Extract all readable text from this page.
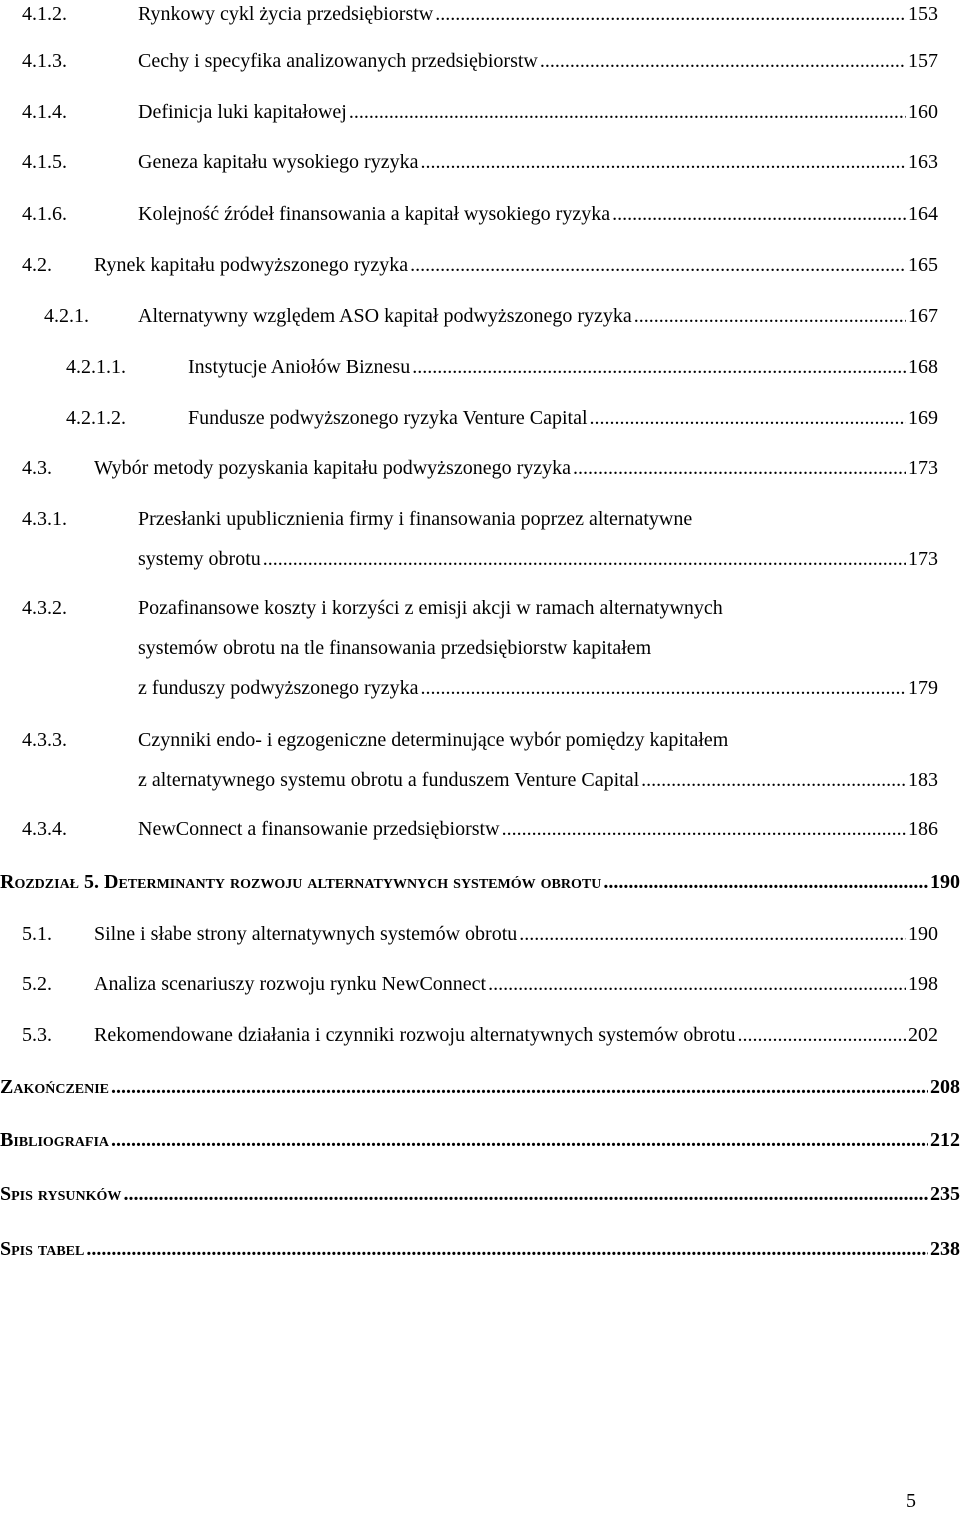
4.1.2.	Rynkowy cykl życia przedsiębiorstw .....	153
4.1.3.	Cechy i specyfika analizowanych przedsiębiorstw .....	157
4.1.4.	Definicja luki kapitałowej .....	160
4.1.5.	Geneza kapitału wysokiego ryzyka .....	163
4.1.6.	Kolejność źródeł finansowania a kapitał wysokiego ryzyka .....	164
4.2. Rynek kapitału podwyższonego ryzyka .....	165
4.2.1. Alternatywny względem ASO kapitał podwyższonego ryzyka .....	167
4.2.1.1.	Instytucje Aniołów Biznesu .....	168
4.2.1.2.	Fundusze podwyższonego ryzyka Venture Capital .....	169
4.3. Wybór metody pozyskania kapitału podwyższonego ryzyka .....	173
4.3.1.	Przesłanki upublicznienia firmy i finansowania poprzez alternatywne
systemy obrotu .....	173
4.3.2.	Pozafinansowe koszty i korzyści z emisji akcji w ramach alternatywnych
systemów obrotu na tle finansowania przedsiębiorstw kapitałem
z funduszy podwyższonego ryzyka .....	179
4.3.3.	Czynniki endo- i egzogeniczne determinujące wybór pomiędzy kapitałem
z alternatywnego systemu obrotu a funduszem Venture Capital .....	183
4.3.4.	NewConnect a finansowanie przedsiębiorstw .....	186
Rozdział 5. Determinanty rozwoju alternatywnych systemów obrotu .....	190
5.1. Silne i słabe strony alternatywnych systemów obrotu .....	190
5.2. Analiza scenariuszy rozwoju rynku NewConnect .....	198
5.3. Rekomendowane działania i czynniki rozwoju alternatywnych systemów obrotu .....	202
Zakończenie .....	208
Bibliografia .....	212
Spis rysunków .....	235
Spis tabel .....	238
5
